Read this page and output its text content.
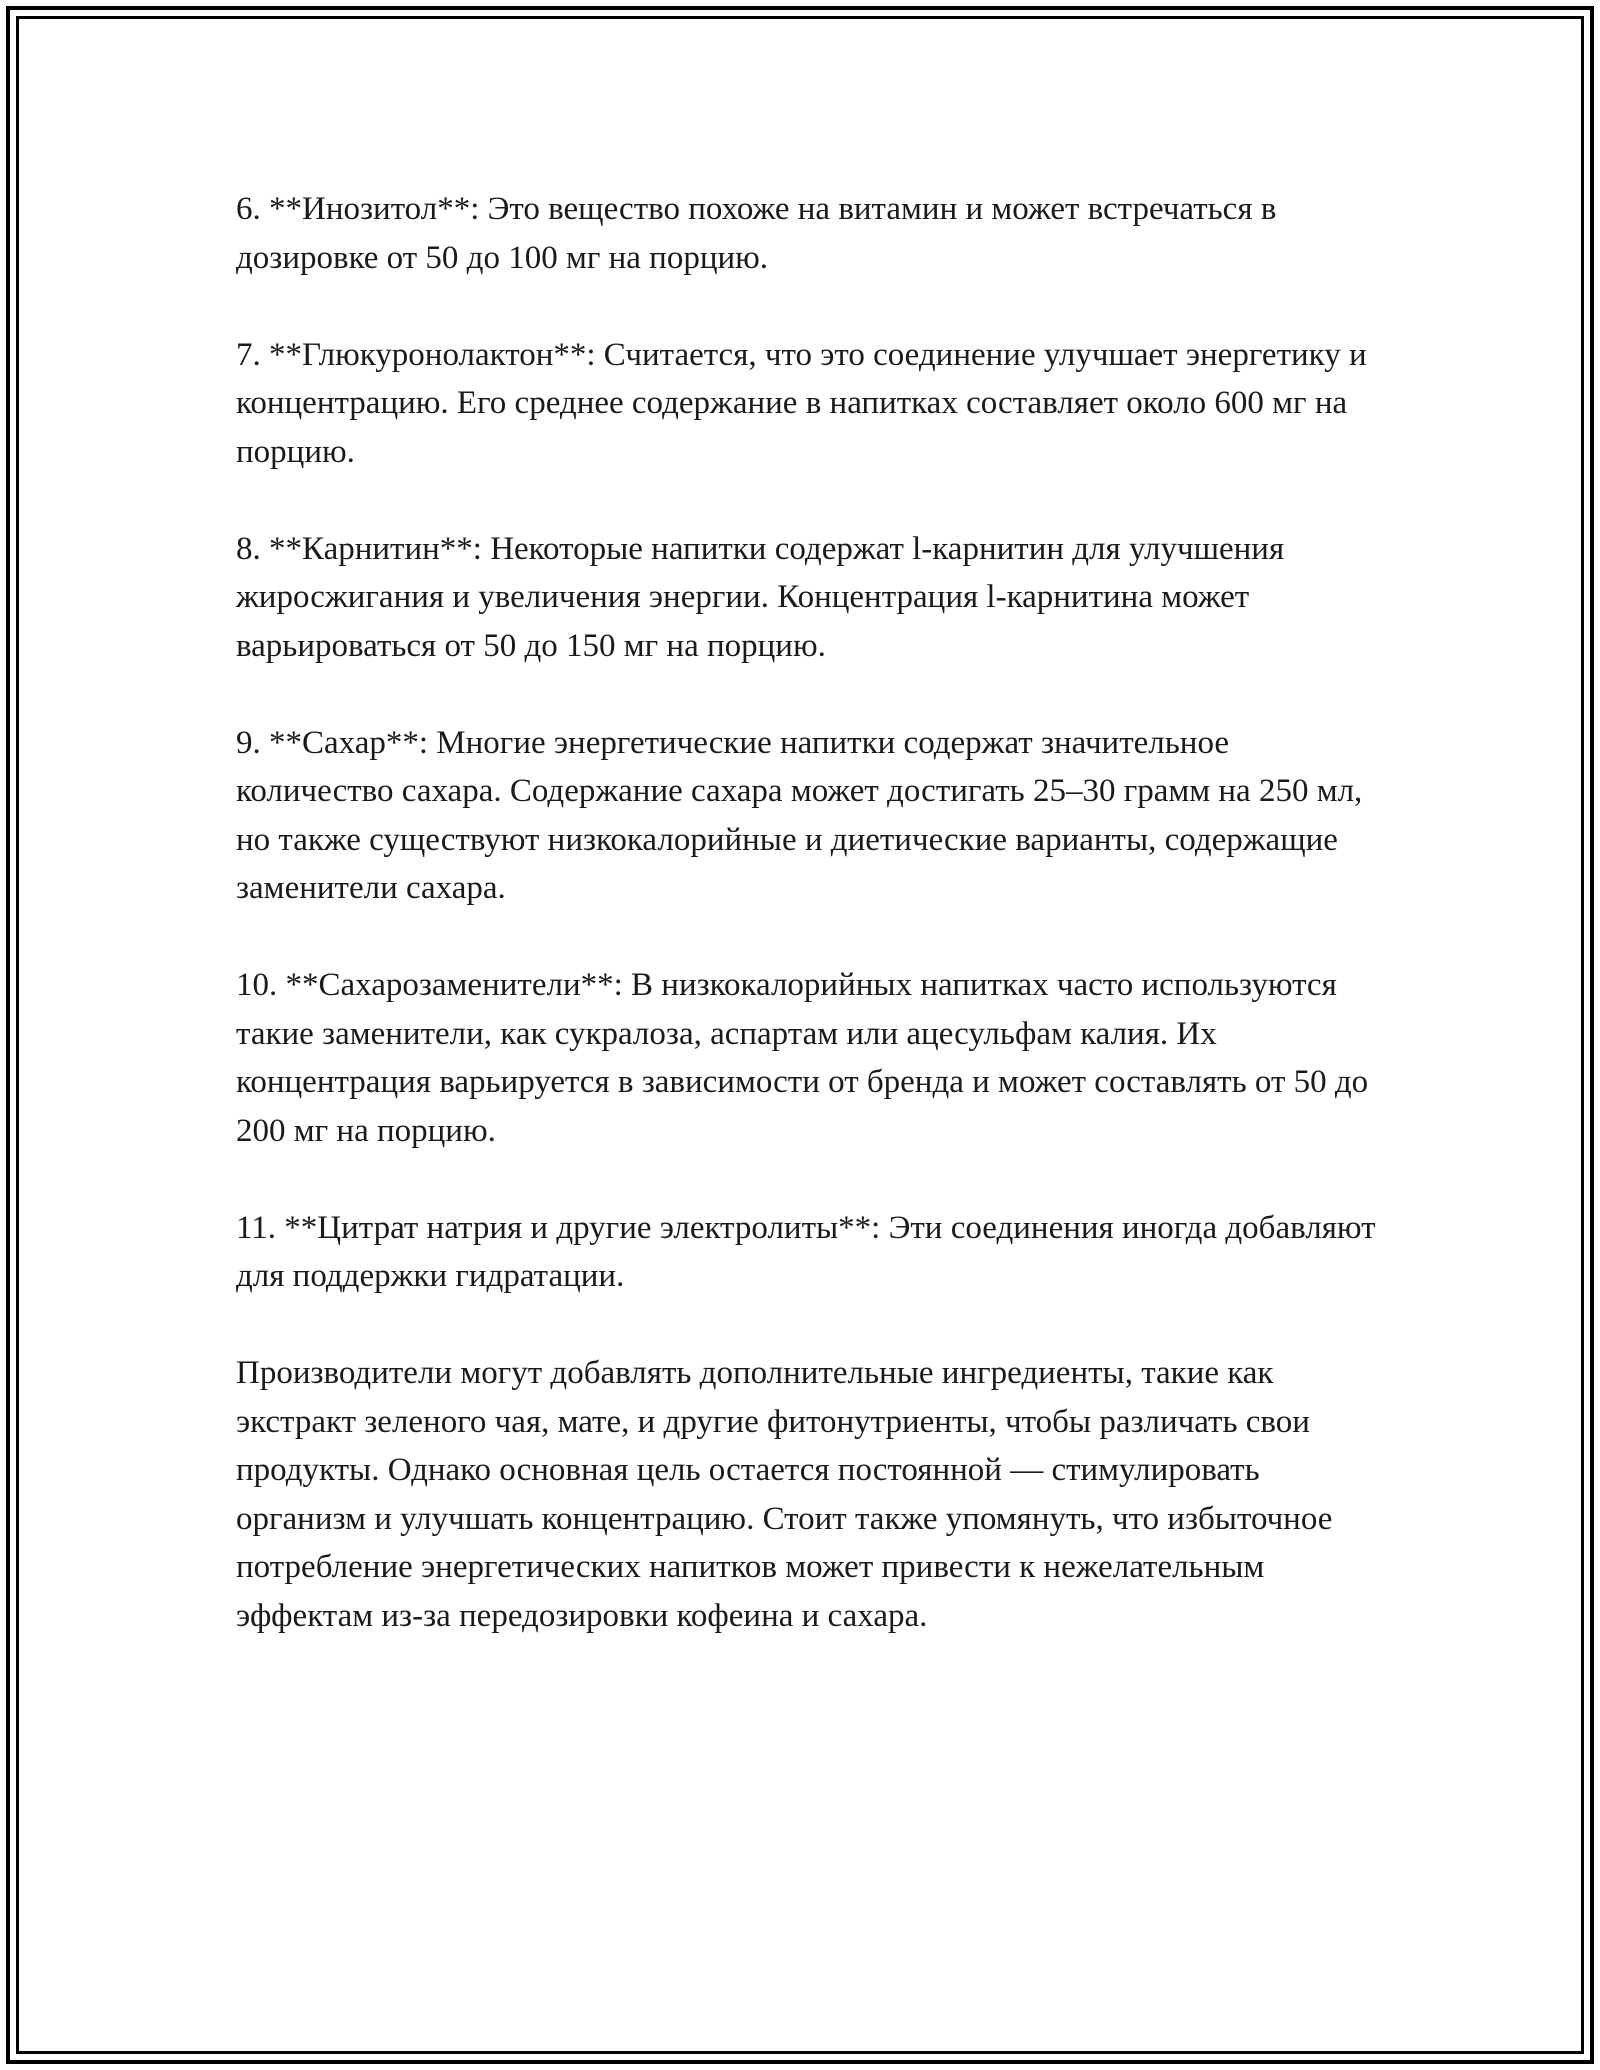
6. **Инозитол**: Это вещество похоже на витамин и может встречаться в дозировке от 50 до 100 мг на порцию.

7. **Глюкуронолактон**: Считается, что это соединение улучшает энергетику и концентрацию. Его среднее содержание в напитках составляет около 600 мг на порцию.

8. **Карнитин**: Некоторые напитки содержат l-карнитин для улучшения жиросжигания и увеличения энергии. Концентрация l-карнитина может варьироваться от 50 до 150 мг на порцию.

9. **Сахар**: Многие энергетические напитки содержат значительное количество сахара. Содержание сахара может достигать 25–30 грамм на 250 мл, но также существуют низкокалорийные и диетические варианты, содержащие заменители сахара.

10. **Сахарозаменители**: В низкокалорийных напитках часто используются такие заменители, как сукралоза, аспартам или ацесульфам калия. Их концентрация варьируется в зависимости от бренда и может составлять от 50 до 200 мг на порцию.

11. **Цитрат натрия и другие электролиты**: Эти соединения иногда добавляют для поддержки гидратации.

Производители могут добавлять дополнительные ингредиенты, такие как экстракт зеленого чая, мате, и другие фитонутриенты, чтобы различать свои продукты. Однако основная цель остается постоянной — стимулировать организм и улучшать концентрацию. Стоит также упомянуть, что избыточное потребление энергетических напитков может привести к нежелательным эффектам из-за передозировки кофеина и сахара.
